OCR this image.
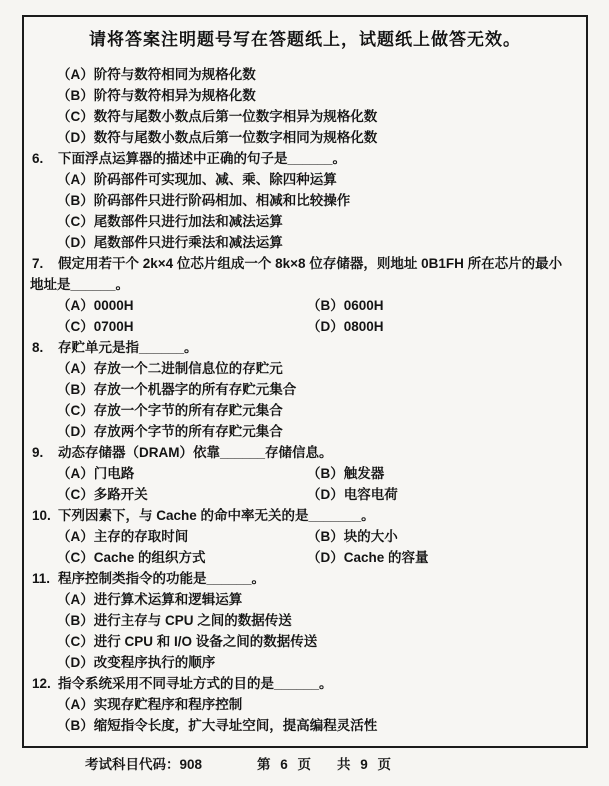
请将答案注明题号写在答题纸上，试题纸上做答无效。
（A）阶符与数符相同为规格化数
（B）阶符与数符相异为规格化数
（C）数符与尾数小数点后第一位数字相异为规格化数
（D）数符与尾数小数点后第一位数字相同为规格化数
6. 下面浮点运算器的描述中正确的句子是______。
（A）阶码部件可实现加、减、乘、除四种运算
（B）阶码部件只进行阶码相加、相减和比较操作
（C）尾数部件只进行加法和减法运算
（D）尾数部件只进行乘法和减法运算
7. 假定用若干个 2k×4 位芯片组成一个 8k×8 位存储器，则地址 0B1FH 所在芯片的最小
地址是______。
（A）0000H	（B）0600H
（C）0700H	（D）0800H
8. 存贮单元是指______。
（A）存放一个二进制信息位的存贮元
（B）存放一个机器字的所有存贮元集合
（C）存放一个字节的所有存贮元集合
（D）存放两个字节的所有存贮元集合
9. 动态存储器（DRAM）依靠______存储信息。
（A）门电路	（B）触发器
（C）多路开关	（D）电容电荷
10. 下列因素下，与 Cache 的命中率无关的是_______。
（A）主存的存取时间	（B）块的大小
（C）Cache 的组织方式	（D）Cache 的容量
11. 程序控制类指令的功能是______。
（A）进行算术运算和逻辑运算
（B）进行主存与 CPU 之间的数据传送
（C）进行 CPU 和 I/O 设备之间的数据传送
（D）改变程序执行的顺序
12. 指令系统采用不同寻址方式的目的是______。
（A）实现存贮程序和程序控制
（B）缩短指令长度，扩大寻址空间，提高编程灵活性
考试科目代码：908	第 6 页 共 9 页
